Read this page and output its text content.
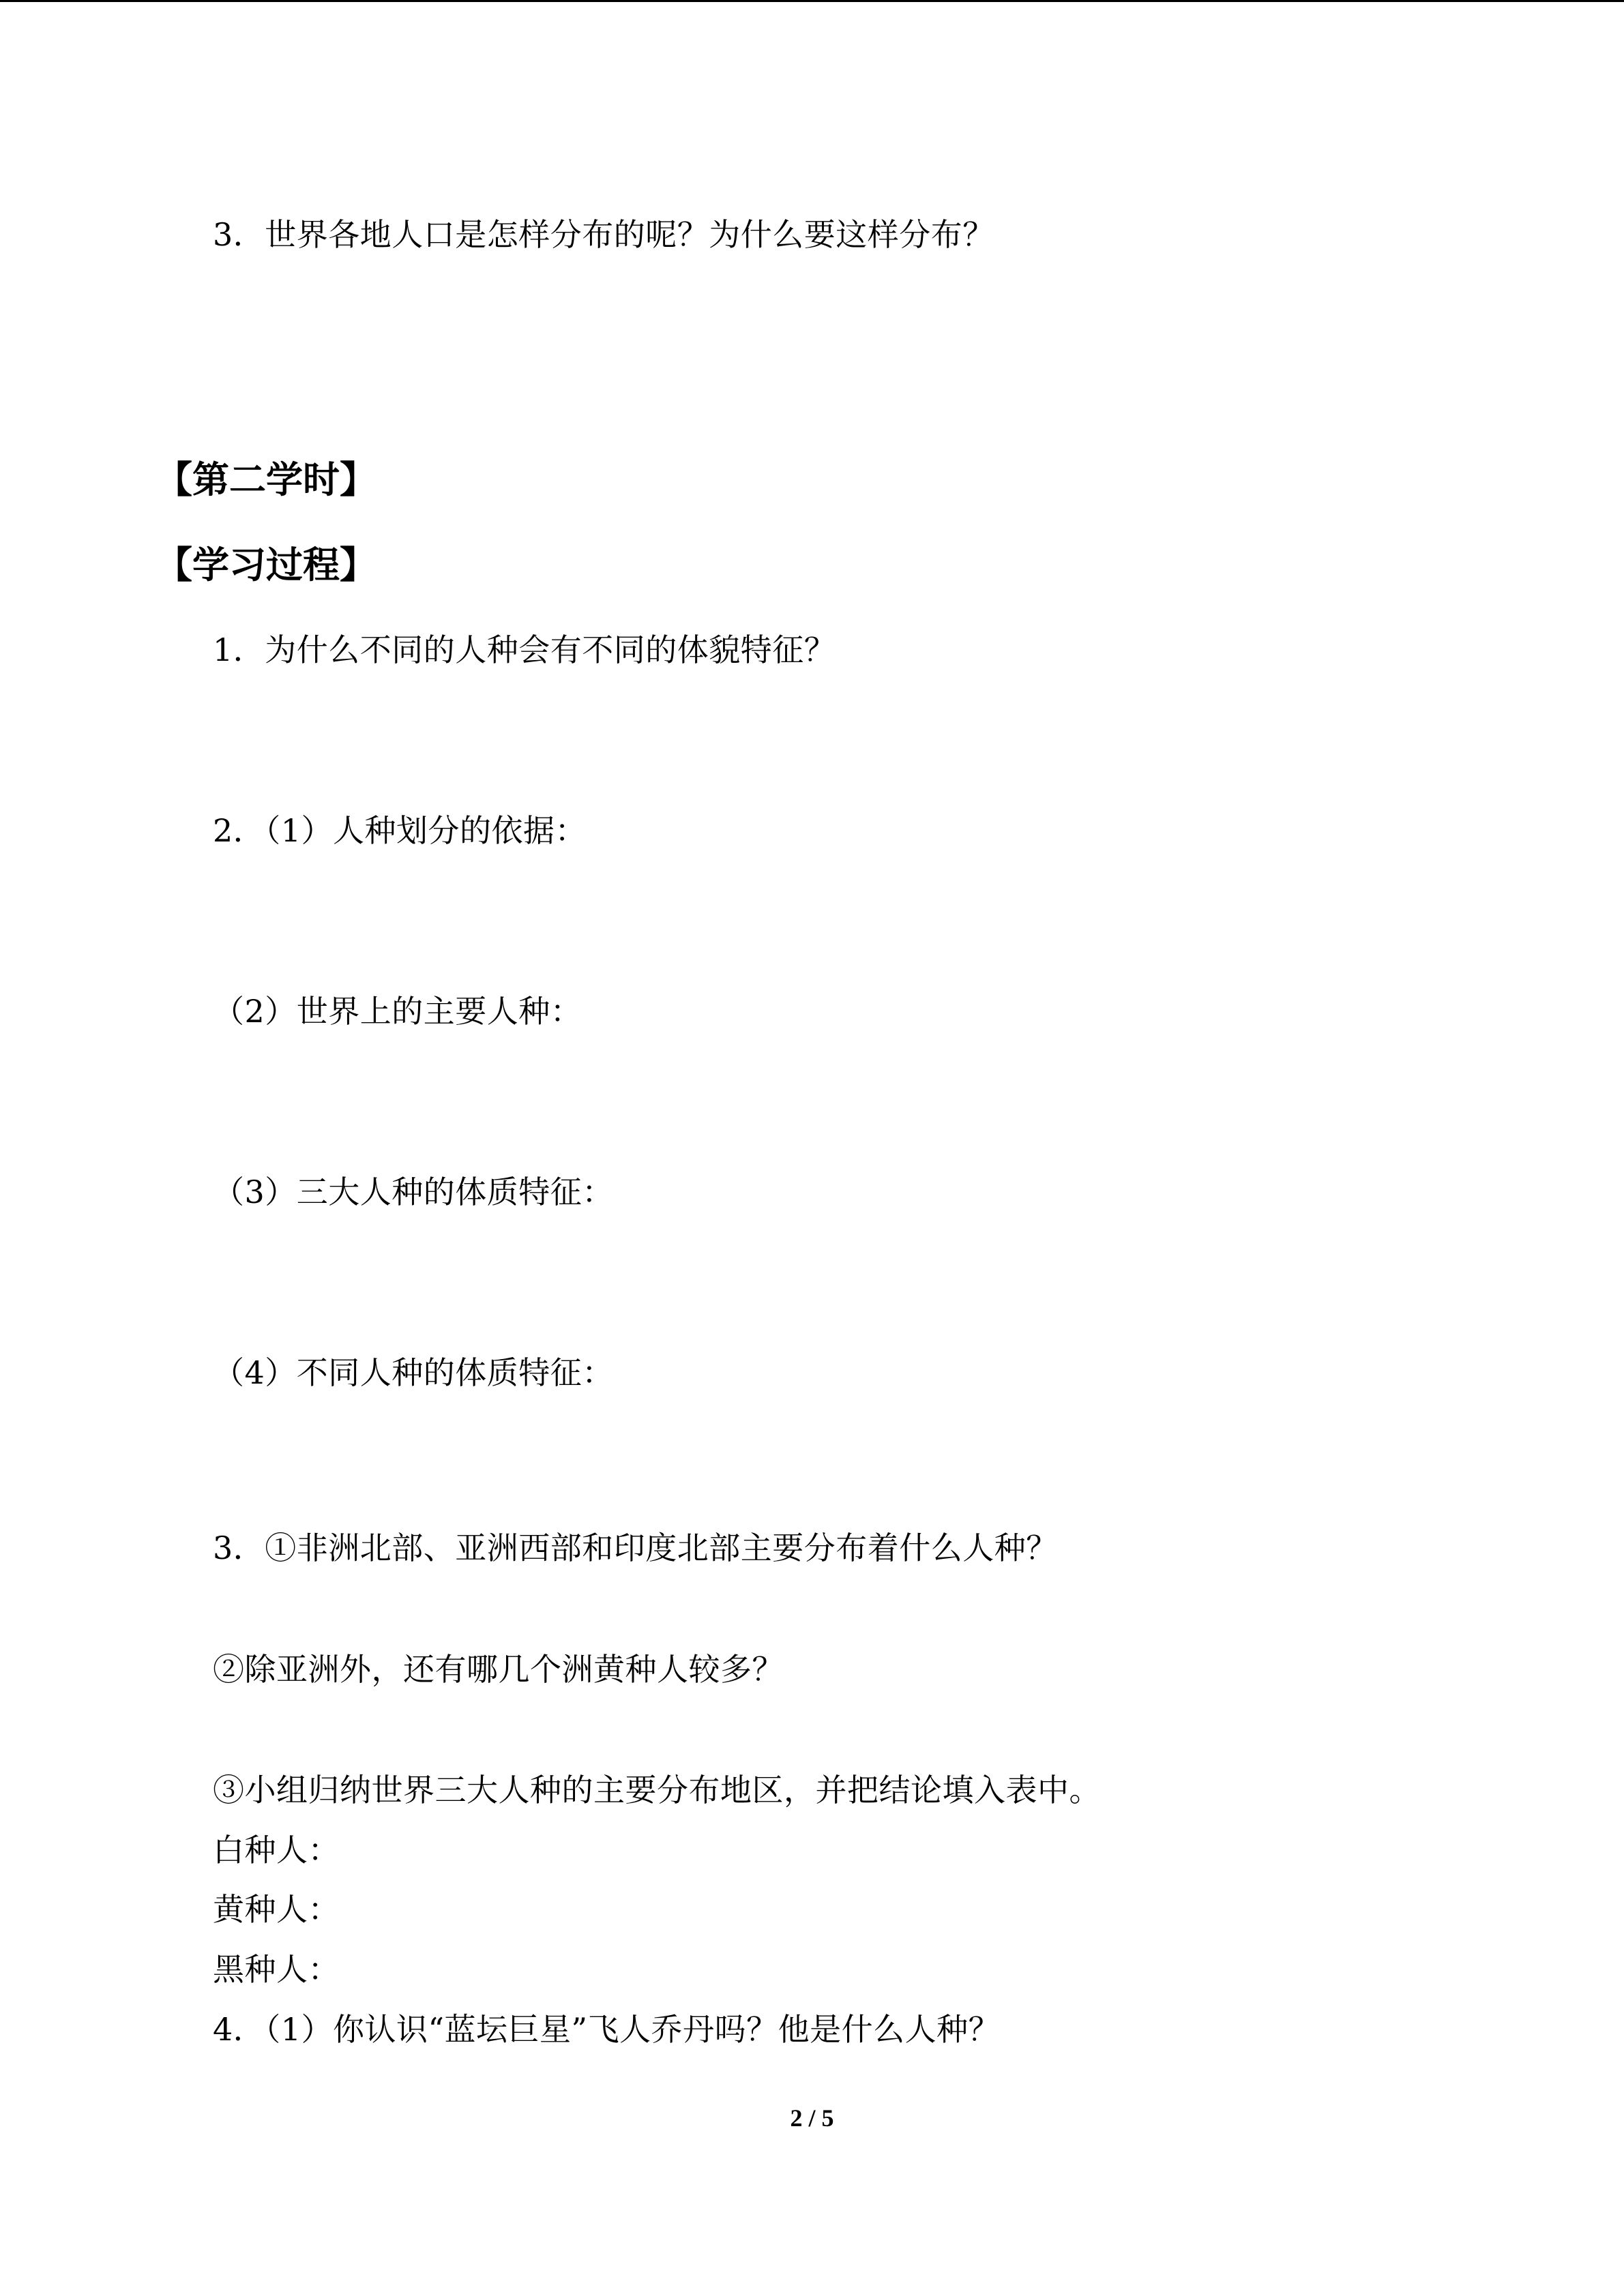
3．世界各地人口是怎样分布的呢？为什么要这样分布？
【第二学时】
【学习过程】
1．为什么不同的人种会有不同的体貌特征？
2．（1）人种划分的依据：
（2）世界上的主要人种：
（3）三大人种的体质特征：
（4）不同人种的体质特征：
3．①非洲北部、亚洲西部和印度北部主要分布着什么人种？
②除亚洲外，还有哪几个洲黄种人较多？
③小组归纳世界三大人种的主要分布地区，并把结论填入表中。
白种人：
黄种人：
黑种人：
4．（1）你认识“蓝坛巨星”飞人乔丹吗？他是什么人种？
2 / 5
